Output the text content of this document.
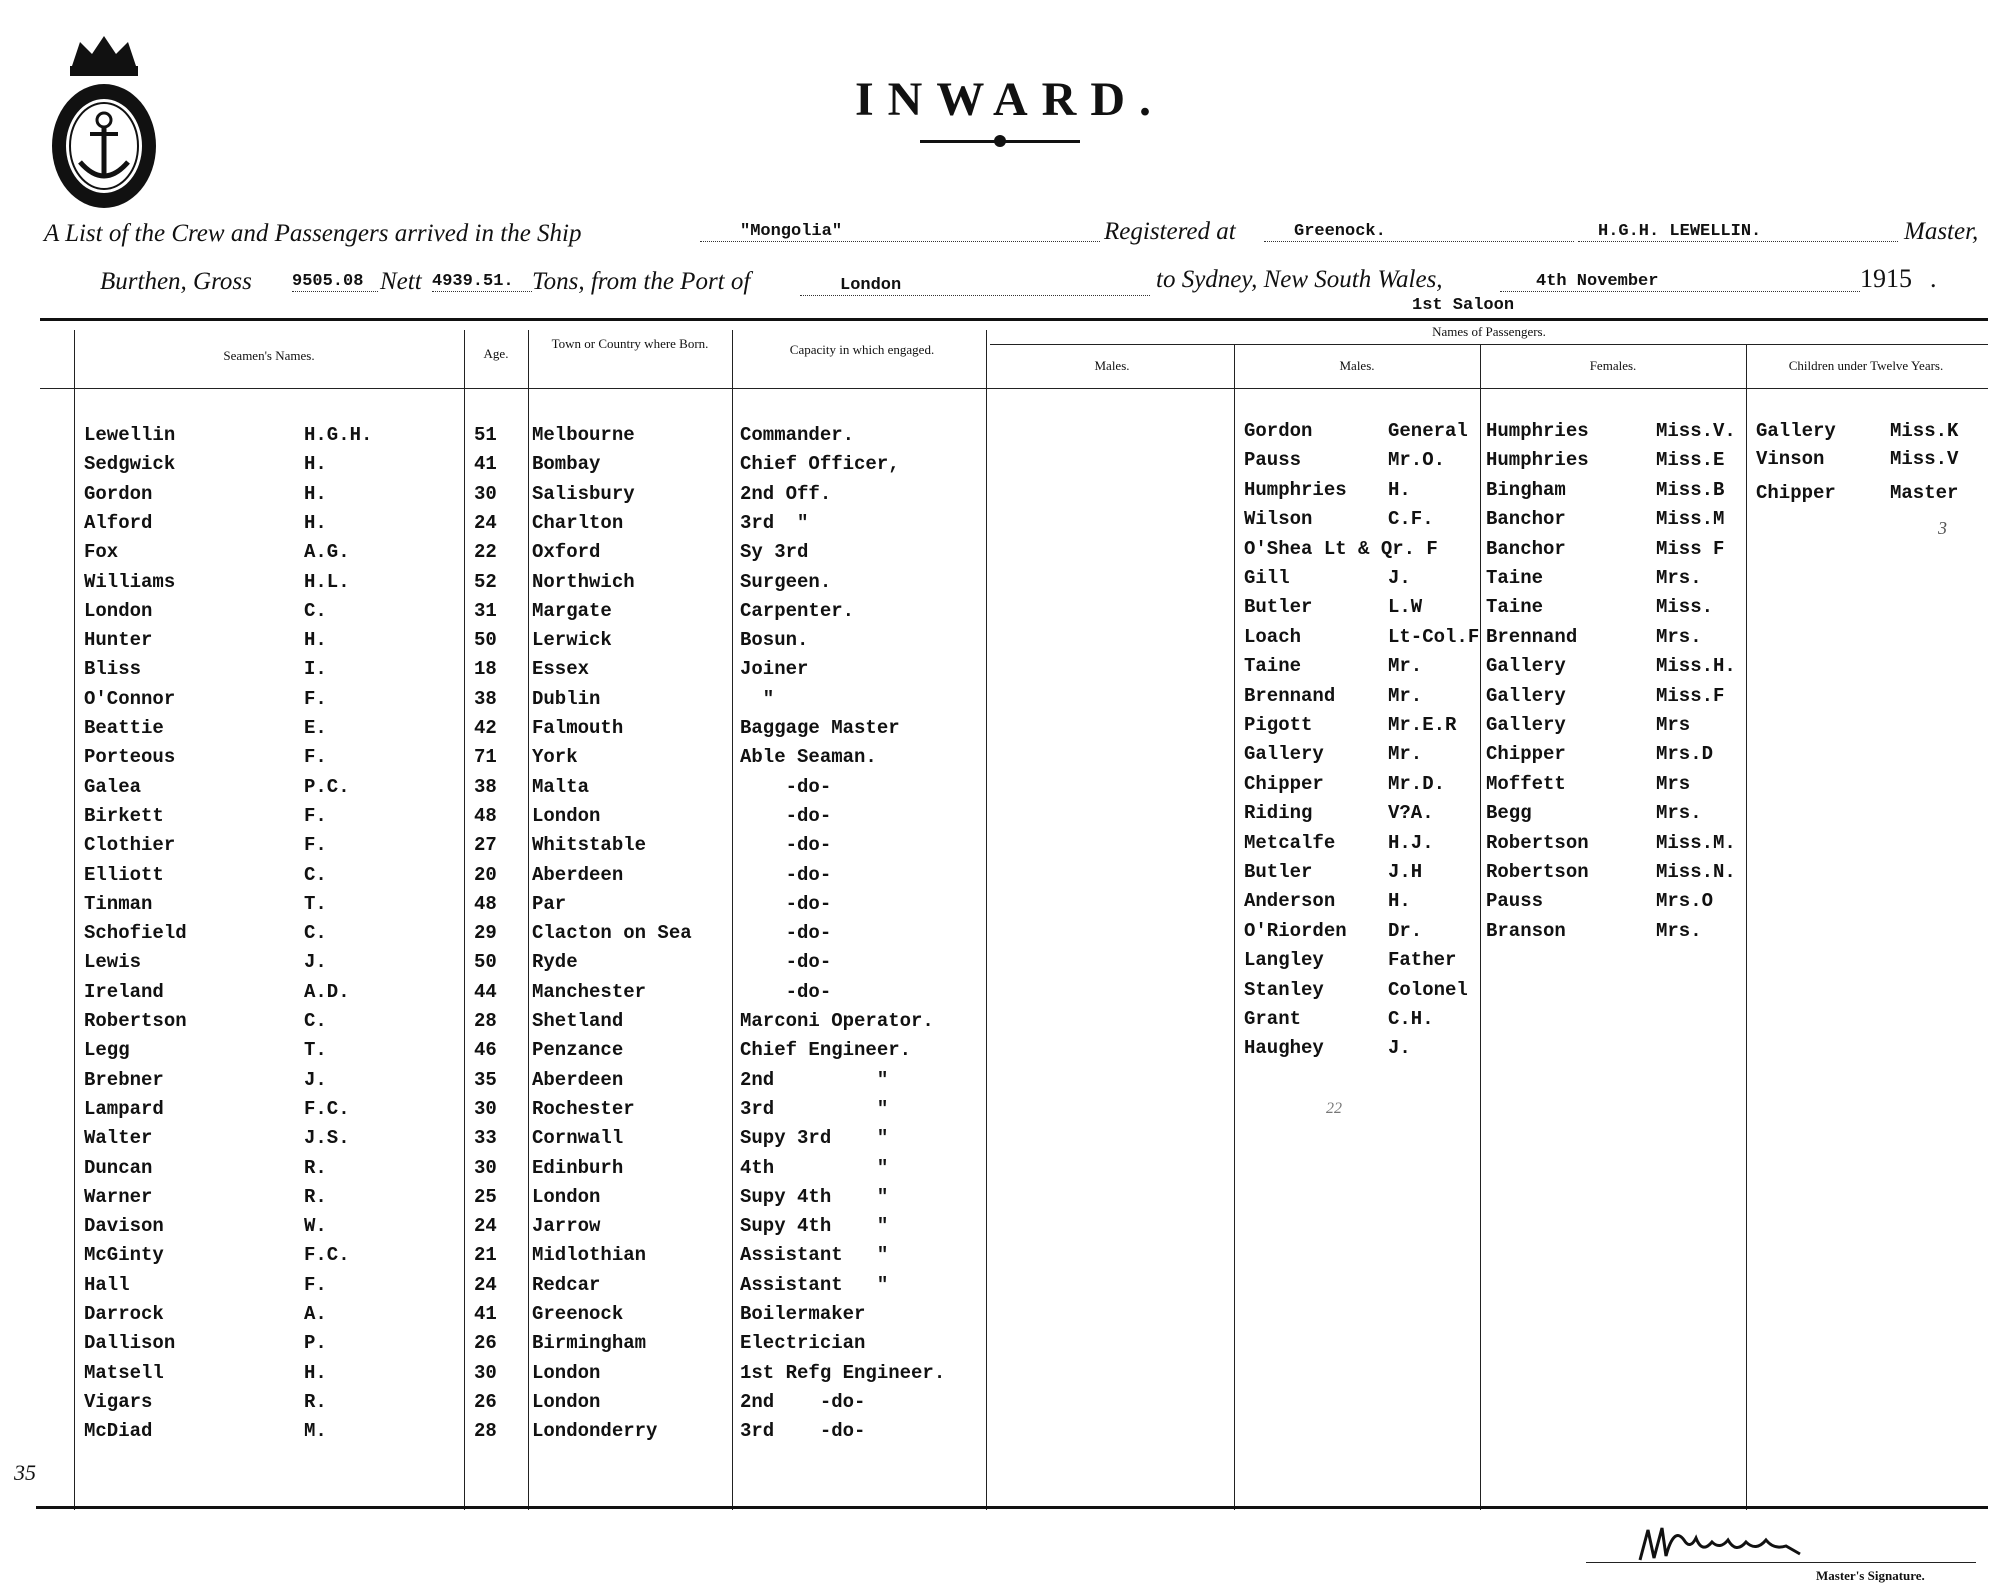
INWARD.
A List of the Crew and Passengers arrived in the Ship	"Mongolia"	Registered at	Greenock.	H.G.H. LEWELLIN.	Master,
Burthen, Gross 9505.08 Nett 4939.51. Tons, from the Port of	London	to Sydney, New South Wales,	4th November	1915 .
1st Saloon
Seamen's Names.	Age.
Town or Country where Born.	Capacity in which engaged.
Names of Passengers.
Males.	Males.	Females.	Children under Twelve Years.
Lewellin	H.G.H.	51 Melbourne	Commander.
Sedgwick	H.	41 Bombay	Chief Officer,
Gordon	H.	30 Salisbury	2nd Off.
Alford	H.	24 Charlton	3rd  "
Fox	A.G.	22 Oxford	Sy 3rd
Williams	H.L.	52 Northwich	Surgeen.
London	C.	31 Margate	Carpenter.
Hunter	H.	50 Lerwick	Bosun.
Bliss	I.	18 Essex	Joiner
O'Connor	F.	38 Dublin	"
Beattie	E.	42 Falmouth	Baggage Master
Porteous	F.	71 York	Able Seaman.
Galea	P.C.	38 Malta	-do-
Birkett	F.	48 London	-do-
Clothier	F.	27 Whitstable	-do-
Elliott	C.	20 Aberdeen	-do-
Tinman	T.	48 Par	-do-
Schofield	C.	29 Clacton on Sea	-do-
Lewis	J.	50 Ryde	-do-
Ireland	A.D.	44 Manchester	-do-
Robertson	C.	28 Shetland	Marconi Operator.
Legg	T.	46 Penzance	Chief Engineer.
Brebner	J.	35 Aberdeen	2nd         "
Lampard	F.C.	30 Rochester	3rd         "
Walter	J.S.	33 Cornwall	Supy 3rd    "
Duncan	R.	30 Edinburh	4th         "
Warner	R.	25 London	Supy 4th    "
Davison	W.	24 Jarrow	Supy 4th    "
McGinty	F.C.	21 Midlothian	Assistant   "
Hall	F.	24 Redcar	Assistant   "
Darrock	A.	41 Greenock	Boilermaker
Dallison	P.	26 Birmingham	Electrician
Matsell	H.	30 London	1st Refg Engineer.
Vigars	R.	26 London	2nd    -do-
McDiad	M.	28 Londonderry	3rd    -do-
Gordon	General
Pauss	Mr.O.
Humphries H.
Wilson	C.F.
O'Shea Lt & Qr. F
Gill	J.
Butler	L.W
Loach	Lt-Col.F
Taine	Mr.
Brennand	Mr.
Pigott	Mr.E.R
Gallery	Mr.
Chipper	Mr.D.
Riding	V?A.
Metcalfe	H.J.
Butler	J.H
Anderson	H.
O'Riorden Dr.
Langley	Father
Stanley	Colonel
Grant	C.H.
Haughey	J.
Humphries	Miss.V.
Humphries	Miss.E
Bingham	Miss.B
Banchor	Miss.M
Banchor	Miss F
Taine	Mrs.
Taine	Miss.
Brennand	Mrs.
Gallery	Miss.H.
Gallery	Miss.F
Gallery	Mrs
Chipper	Mrs.D
Moffett	Mrs
Begg	Mrs.
Robertson	Miss.M.
Robertson	Miss.N.
Pauss	Mrs.O
Branson	Mrs.
Gallery	Miss.K
Vinson	Miss.V
Chipper	Master
22
3
35
Master's Signature.
